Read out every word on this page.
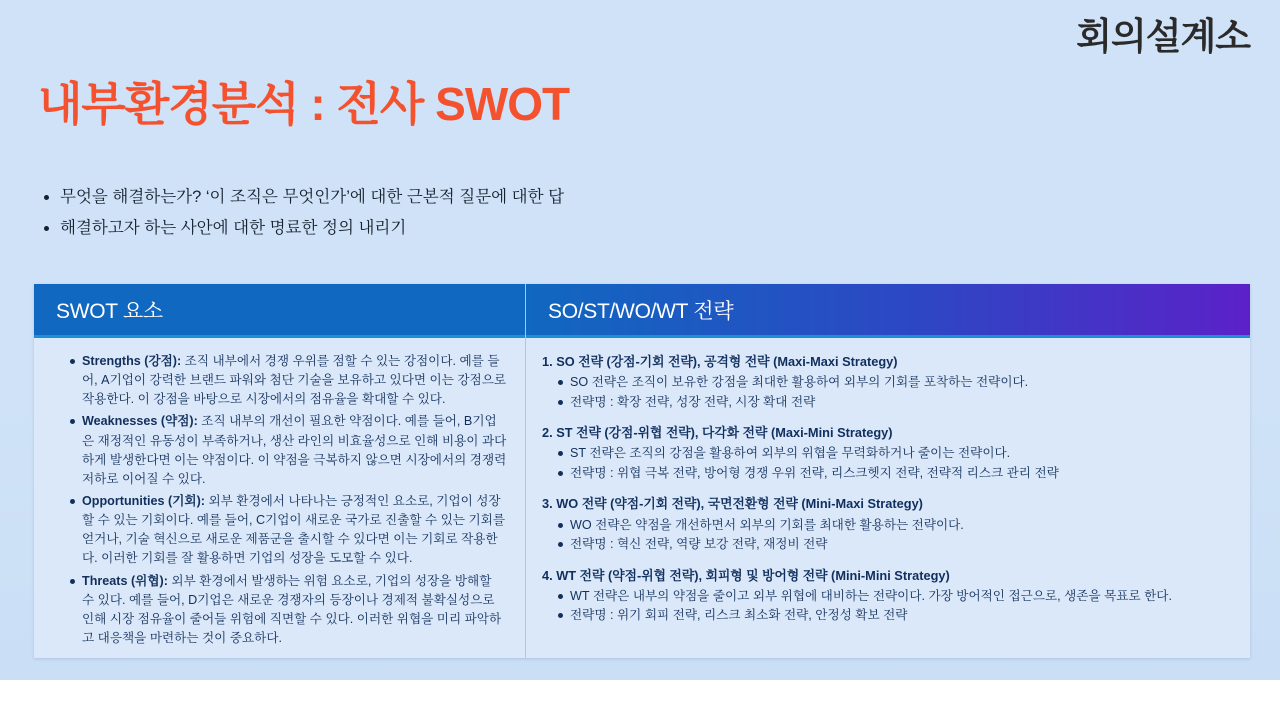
회의설계소
내부환경분석 : 전사 SWOT
• 무엇을 해결하는가? ‘이 조직은 무엇인가’에 대한 근본적 질문에 대한 답
• 해결하고자 하는 사안에 대한 명료한 정의 내리기
SWOT 요소
Strengths (강점): 조직 내부에서 경쟁 우위를 점할 수 있는 강점이다. 예를 들어, A기업이 강력한 브랜드 파워와 첨단 기술을 보유하고 있다면 이는 강점으로 작용한다. 이 강점을 바탕으로 시장에서의 점유율을 확대할 수 있다.
Weaknesses (약점): 조직 내부의 개선이 필요한 약점이다. 예를 들어, B기업은 재정적인 유동성이 부족하거나, 생산 라인의 비효율성으로 인해 비용이 과다하게 발생한다면 이는 약점이다. 이 약점을 극복하지 않으면 시장에서의 경쟁력 저하로 이어질 수 있다.
Opportunities (기회): 외부 환경에서 나타나는 긍정적인 요소로, 기업이 성장할 수 있는 기회이다. 예를 들어, C기업이 새로운 국가로 진출할 수 있는 기회를 얻거나, 기술 혁신으로 새로운 제품군을 출시할 수 있다면 이는 기회로 작용한다. 이러한 기회를 잘 활용하면 기업의 성장을 도모할 수 있다.
Threats (위협): 외부 환경에서 발생하는 위험 요소로, 기업의 성장을 방해할 수 있다. 예를 들어, D기업은 새로운 경쟁자의 등장이나 경제적 불확실성으로 인해 시장 점유율이 줄어들 위험에 직면할 수 있다. 이러한 위협을 미리 파악하고 대응책을 마련하는 것이 중요하다.
SO/ST/WO/WT 전략
1. SO 전략 (강점-기회 전략), 공격형 전략 (Maxi-Maxi Strategy)
SO 전략은 조직이 보유한 강점을 최대한 활용하여 외부의 기회를 포착하는 전략이다.
전략명 : 확장 전략, 성장 전략, 시장 확대 전략
2. ST 전략 (강점-위협 전략), 다각화 전략 (Maxi-Mini Strategy)
ST 전략은 조직의 강점을 활용하여 외부의 위협을 무력화하거나 줄이는 전략이다.
전략명 : 위협 극복 전략, 방어형 경쟁 우위 전략, 리스크헷지 전략, 전략적 리스크 관리 전략
3. WO 전략 (약점-기회 전략), 국면전환형 전략 (Mini-Maxi Strategy)
WO 전략은 약점을 개선하면서 외부의 기회를 최대한 활용하는 전략이다.
전략명 : 혁신 전략, 역량 보강 전략, 재정비 전략
4. WT 전략 (약점-위협 전략), 회피형 및 방어형 전략 (Mini-Mini Strategy)
WT 전략은 내부의 약점을 줄이고 외부 위협에 대비하는 전략이다. 가장 방어적인 접근으로, 생존을 목표로 한다.
전략명 : 위기 회피 전략, 리스크 최소화 전략, 안정성 확보 전략
